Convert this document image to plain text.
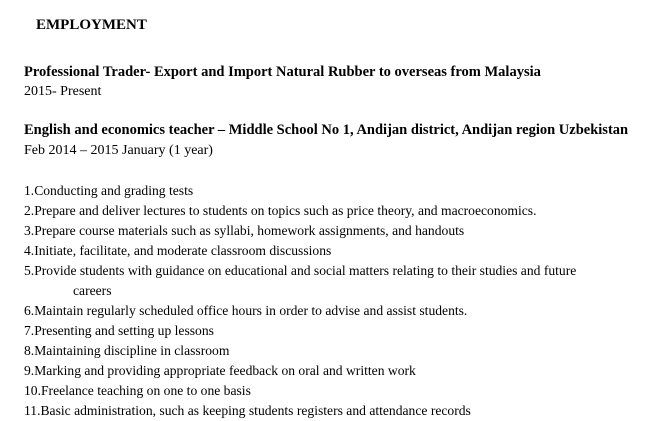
EMPLOYMENT
Professional Trader- Export and Import Natural Rubber to overseas from Malaysia
2015- Present
English and economics teacher – Middle School No 1, Andijan district, Andijan region Uzbekistan
Feb 2014 – 2015 January (1 year)
1.Conducting and grading tests
2.Prepare and deliver lectures to students on topics such as price theory, and macroeconomics.
3.Prepare course materials such as syllabi, homework assignments, and handouts
4.Initiate, facilitate, and moderate classroom discussions
5.Provide students with guidance on educational and social matters relating to their studies and future
careers
6.Maintain regularly scheduled office hours in order to advise and assist students.
7.Presenting and setting up lessons
8.Maintaining discipline in classroom
9.Marking and providing appropriate feedback on oral and written work
10.Freelance teaching on one to one basis
11.Basic administration, such as keeping students registers and attendance records
